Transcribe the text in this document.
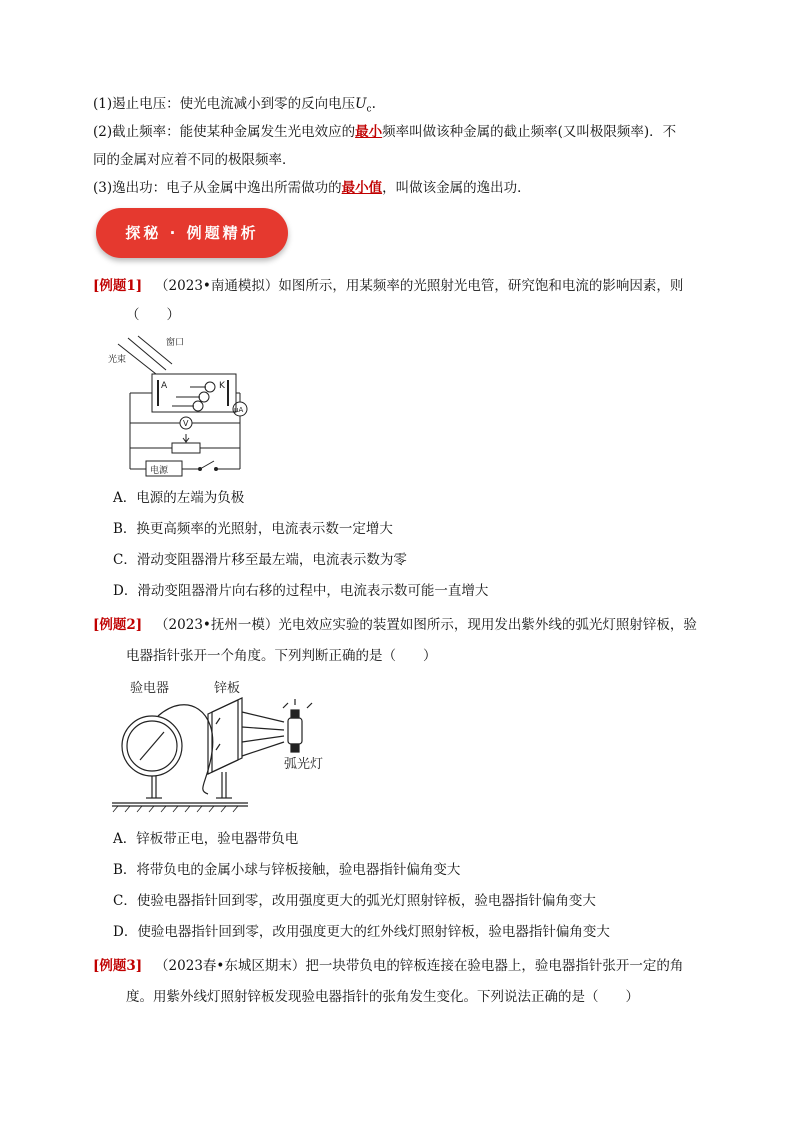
(1)遏止电压：使光电流减小到零的反向电压$U_c$.
(2)截止频率：能使某种金属发生光电效应的最小频率叫做该种金属的截止频率(又叫极限频率)．不
同的金属对应着不同的极限频率．
(3)逸出功：电子从金属中逸出所需做功的最小值，叫做该金属的逸出功．
探秘 · 例题精析
[例题1] （2023•南通模拟）如图所示，用某频率的光照射光电管，研究饱和电流的影响因素，则
（　　）
窗口
光束
A	K
μA
V
电源
A．电源的左端为负极
B．换更高频率的光照射，电流表示数一定增大
C．滑动变阻器滑片移至最左端，电流表示数为零
D．滑动变阻器滑片向右移的过程中，电流表示数可能一直增大
[例题2] （2023•抚州一模）光电效应实验的装置如图所示，现用发出紫外线的弧光灯照射锌板，验
电器指针张开一个角度。下列判断正确的是（　　）
验电器	锌板
弧光灯
A．锌板带正电，验电器带负电
B．将带负电的金属小球与锌板接触，验电器指针偏角变大
C．使验电器指针回到零，改用强度更大的弧光灯照射锌板，验电器指针偏角变大
D．使验电器指针回到零，改用强度更大的红外线灯照射锌板，验电器指针偏角变大
[例题3] （2023春•东城区期末）把一块带负电的锌板连接在验电器上，验电器指针张开一定的角
度。用紫外线灯照射锌板发现验电器指针的张角发生变化。下列说法正确的是（　　）
